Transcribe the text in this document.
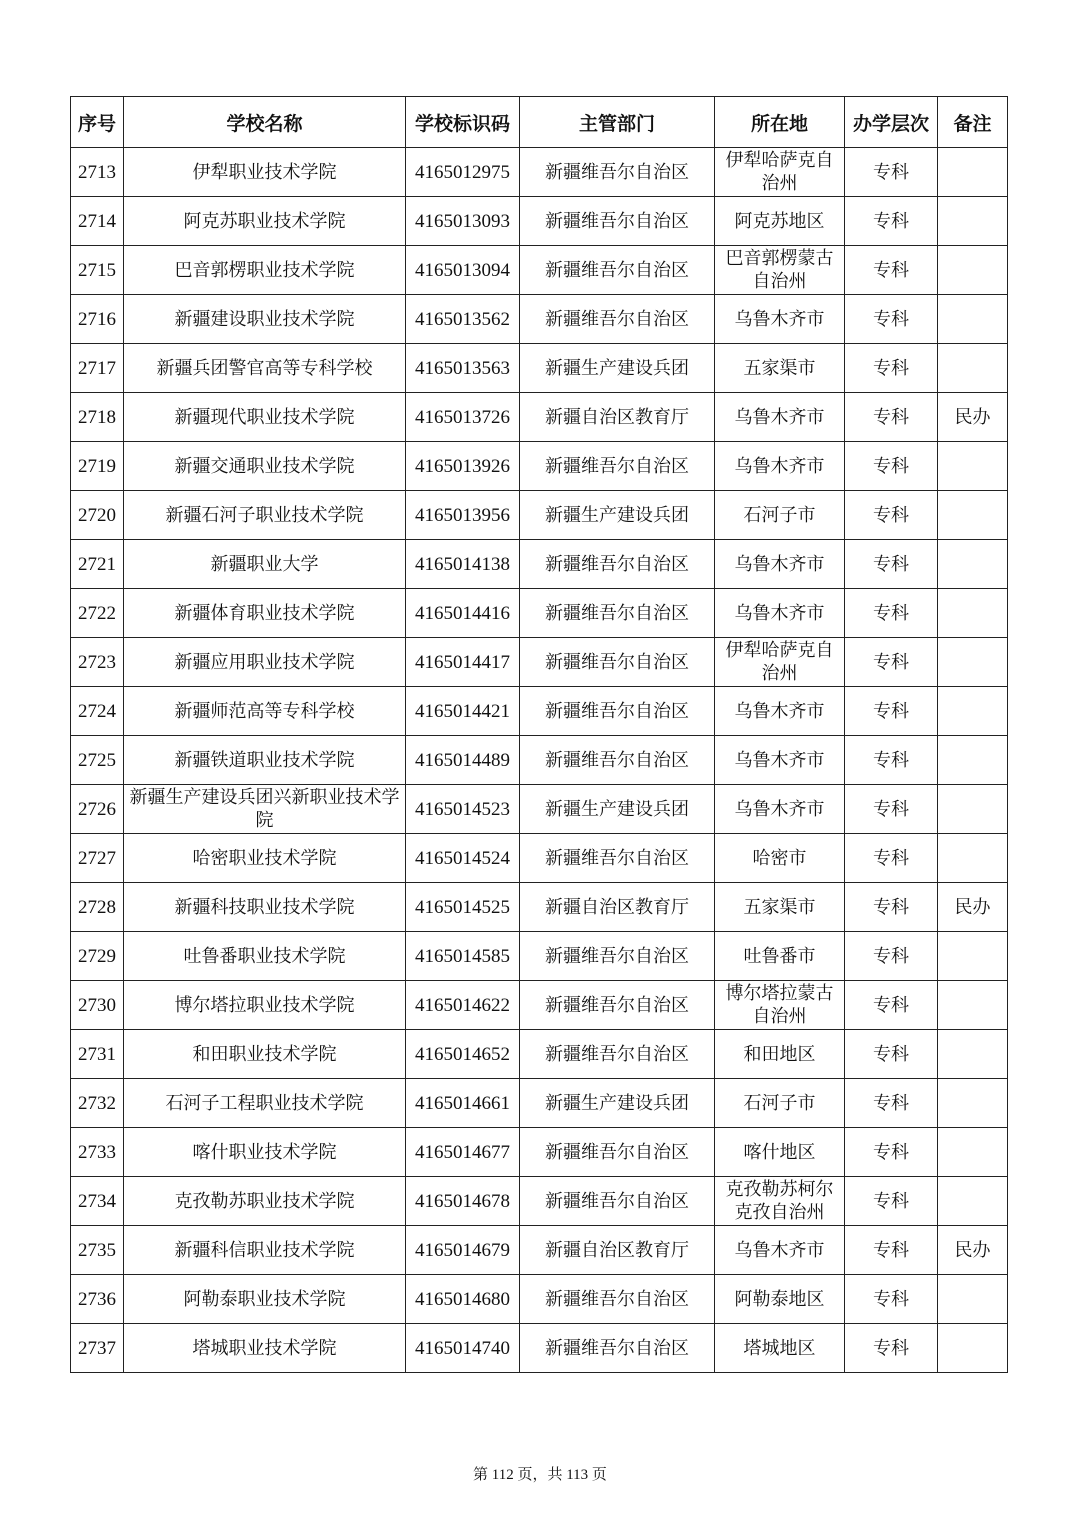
序号	学校名称	学校标识码	主管部门	所在地	办学层次	备注
2713	伊犁职业技术学院	4165012975	新疆维吾尔自治区	伊犁哈萨克自治州	专科	
2714	阿克苏职业技术学院	4165013093	新疆维吾尔自治区	阿克苏地区	专科	
2715	巴音郭楞职业技术学院	4165013094	新疆维吾尔自治区	巴音郭楞蒙古自治州	专科	
2716	新疆建设职业技术学院	4165013562	新疆维吾尔自治区	乌鲁木齐市	专科	
2717	新疆兵团警官高等专科学校	4165013563	新疆生产建设兵团	五家渠市	专科	
2718	新疆现代职业技术学院	4165013726	新疆自治区教育厅	乌鲁木齐市	专科	民办
2719	新疆交通职业技术学院	4165013926	新疆维吾尔自治区	乌鲁木齐市	专科	
2720	新疆石河子职业技术学院	4165013956	新疆生产建设兵团	石河子市	专科	
2721	新疆职业大学	4165014138	新疆维吾尔自治区	乌鲁木齐市	专科	
2722	新疆体育职业技术学院	4165014416	新疆维吾尔自治区	乌鲁木齐市	专科	
2723	新疆应用职业技术学院	4165014417	新疆维吾尔自治区	伊犁哈萨克自治州	专科	
2724	新疆师范高等专科学校	4165014421	新疆维吾尔自治区	乌鲁木齐市	专科	
2725	新疆铁道职业技术学院	4165014489	新疆维吾尔自治区	乌鲁木齐市	专科	
2726	新疆生产建设兵团兴新职业技术学院	4165014523	新疆生产建设兵团	乌鲁木齐市	专科	
2727	哈密职业技术学院	4165014524	新疆维吾尔自治区	哈密市	专科	
2728	新疆科技职业技术学院	4165014525	新疆自治区教育厅	五家渠市	专科	民办
2729	吐鲁番职业技术学院	4165014585	新疆维吾尔自治区	吐鲁番市	专科	
2730	博尔塔拉职业技术学院	4165014622	新疆维吾尔自治区	博尔塔拉蒙古自治州	专科	
2731	和田职业技术学院	4165014652	新疆维吾尔自治区	和田地区	专科	
2732	石河子工程职业技术学院	4165014661	新疆生产建设兵团	石河子市	专科	
2733	喀什职业技术学院	4165014677	新疆维吾尔自治区	喀什地区	专科	
2734	克孜勒苏职业技术学院	4165014678	新疆维吾尔自治区	克孜勒苏柯尔克孜自治州	专科	
2735	新疆科信职业技术学院	4165014679	新疆自治区教育厅	乌鲁木齐市	专科	民办
2736	阿勒泰职业技术学院	4165014680	新疆维吾尔自治区	阿勒泰地区	专科	
2737	塔城职业技术学院	4165014740	新疆维吾尔自治区	塔城地区	专科	
第 112 页，共 113 页
